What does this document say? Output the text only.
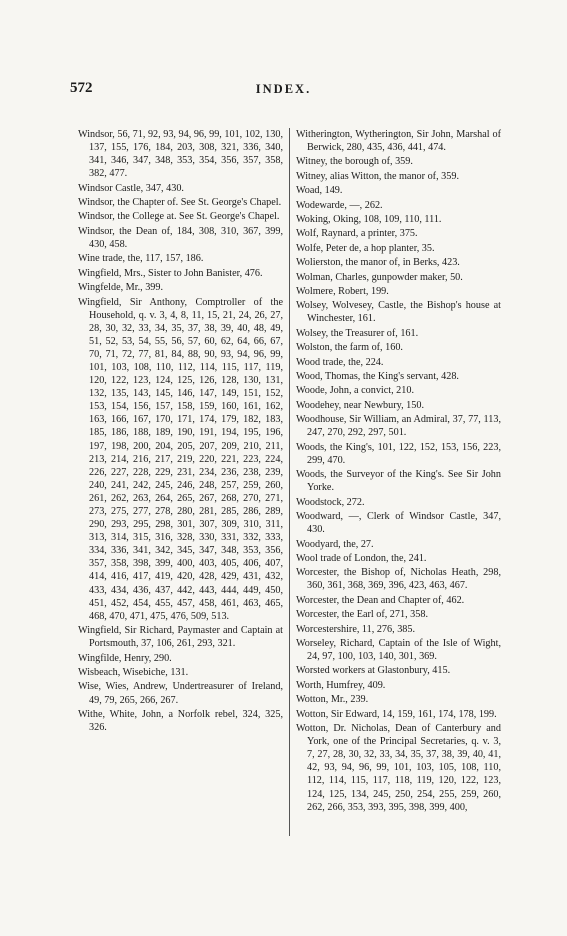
572	INDEX.

Windsor, 56, 71, 92, 93, 94, 96, 99, 101, 102, 130, 137, 155, 176, 184, 203, 308, 321, 336, 340, 341, 346, 347, 348, 353, 354, 356, 357, 358, 382, 477.

Windsor Castle, 347, 430.

Windsor, the Chapter of. See St. George's Chapel.

Windsor, the College at. See St. George's Chapel.

Windsor, the Dean of, 184, 308, 310, 367, 399, 430, 458.

Wine trade, the, 117, 157, 186.

Wingfield, Mrs., Sister to John Banister, 476.

Wingfelde, Mr., 399.

Wingfield, Sir Anthony, Comptroller of the Household, q. v. 3, 4, 8, 11, 15, 21, 24, 26, 27, 28, 30, 32, 33, 34, 35, 37, 38, 39, 40, 48, 49, 51, 52, 53, 54, 55, 56, 57, 60, 62, 64, 66, 67, 70, 71, 72, 77, 81, 84, 88, 90, 93, 94, 96, 99, 101, 103, 108, 110, 112, 114, 115, 117, 119, 120, 122, 123, 124, 125, 126, 128, 130, 131, 132, 135, 143, 145, 146, 147, 149, 151, 152, 153, 154, 156, 157, 158, 159, 160, 161, 162, 163, 166, 167, 170, 171, 174, 179, 182, 183, 185, 186, 188, 189, 190, 191, 194, 195, 196, 197, 198, 200, 204, 205, 207, 209, 210, 211, 213, 214, 216, 217, 219, 220, 221, 223, 224, 226, 227, 228, 229, 231, 234, 236, 238, 239, 240, 241, 242, 245, 246, 248, 257, 259, 260, 261, 262, 263, 264, 265, 267, 268, 270, 271, 273, 275, 277, 278, 280, 281, 285, 286, 289, 290, 293, 295, 298, 301, 307, 309, 310, 311, 313, 314, 315, 316, 328, 330, 331, 332, 333, 334, 336, 341, 342, 345, 347, 348, 353, 356, 357, 358, 398, 399, 400, 403, 405, 406, 407, 414, 416, 417, 419, 420, 428, 429, 431, 432, 433, 434, 436, 437, 442, 443, 444, 449, 450, 451, 452, 454, 455, 457, 458, 461, 463, 465, 468, 470, 471, 475, 476, 509, 513.

Wingfield, Sir Richard, Paymaster and Captain at Portsmouth, 37, 106, 261, 293, 321.

Wingfilde, Henry, 290.

Wisbeach, Wisebiche, 131.

Wise, Wies, Andrew, Undertreasurer of Ireland, 49, 79, 265, 266, 267.

Withe, White, John, a Norfolk rebel, 324, 325, 326.

Witherington, Wytherington, Sir John, Marshal of Berwick, 280, 435, 436, 441, 474.

Witney, the borough of, 359.

Witney, alias Witton, the manor of, 359.

Woad, 149.

Wodewarde, —, 262.

Woking, Oking, 108, 109, 110, 111.

Wolf, Raynard, a printer, 375.

Wolfe, Peter de, a hop planter, 35.

Wolierston, the manor of, in Berks, 423.

Wolman, Charles, gunpowder maker, 50.

Wolmere, Robert, 199.

Wolsey, Wolvesey, Castle, the Bishop's house at Winchester, 161.

Wolsey, the Treasurer of, 161.

Wolston, the farm of, 160.

Wood trade, the, 224.

Wood, Thomas, the King's servant, 428.

Woode, John, a convict, 210.

Woodehey, near Newbury, 150.

Woodhouse, Sir William, an Admiral, 37, 77, 113, 247, 270, 292, 297, 501.

Woods, the King's, 101, 122, 152, 153, 156, 223, 299, 470.

Woods, the Surveyor of the King's. See Sir John Yorke.

Woodstock, 272.

Woodward, —, Clerk of Windsor Castle, 347, 430.

Woodyard, the, 27.

Wool trade of London, the, 241.

Worcester, the Bishop of, Nicholas Heath, 298, 360, 361, 368, 369, 396, 423, 463, 467.

Worcester, the Dean and Chapter of, 462.

Worcester, the Earl of, 271, 358.

Worcestershire, 11, 276, 385.

Worseley, Richard, Captain of the Isle of Wight, 24, 97, 100, 103, 140, 301, 369.

Worsted workers at Glastonbury, 415.

Worth, Humfrey, 409.

Wotton, Mr., 239.

Wotton, Sir Edward, 14, 159, 161, 174, 178, 199.

Wotton, Dr. Nicholas, Dean of Canterbury and York, one of the Principal Secretaries, q. v. 3, 7, 27, 28, 30, 32, 33, 34, 35, 37, 38, 39, 40, 41, 42, 93, 94, 96, 99, 101, 103, 105, 108, 110, 112, 114, 115, 117, 118, 119, 120, 122, 123, 124, 125, 134, 245, 250, 254, 255, 259, 260, 262, 266, 353, 393, 395, 398, 399, 400,
